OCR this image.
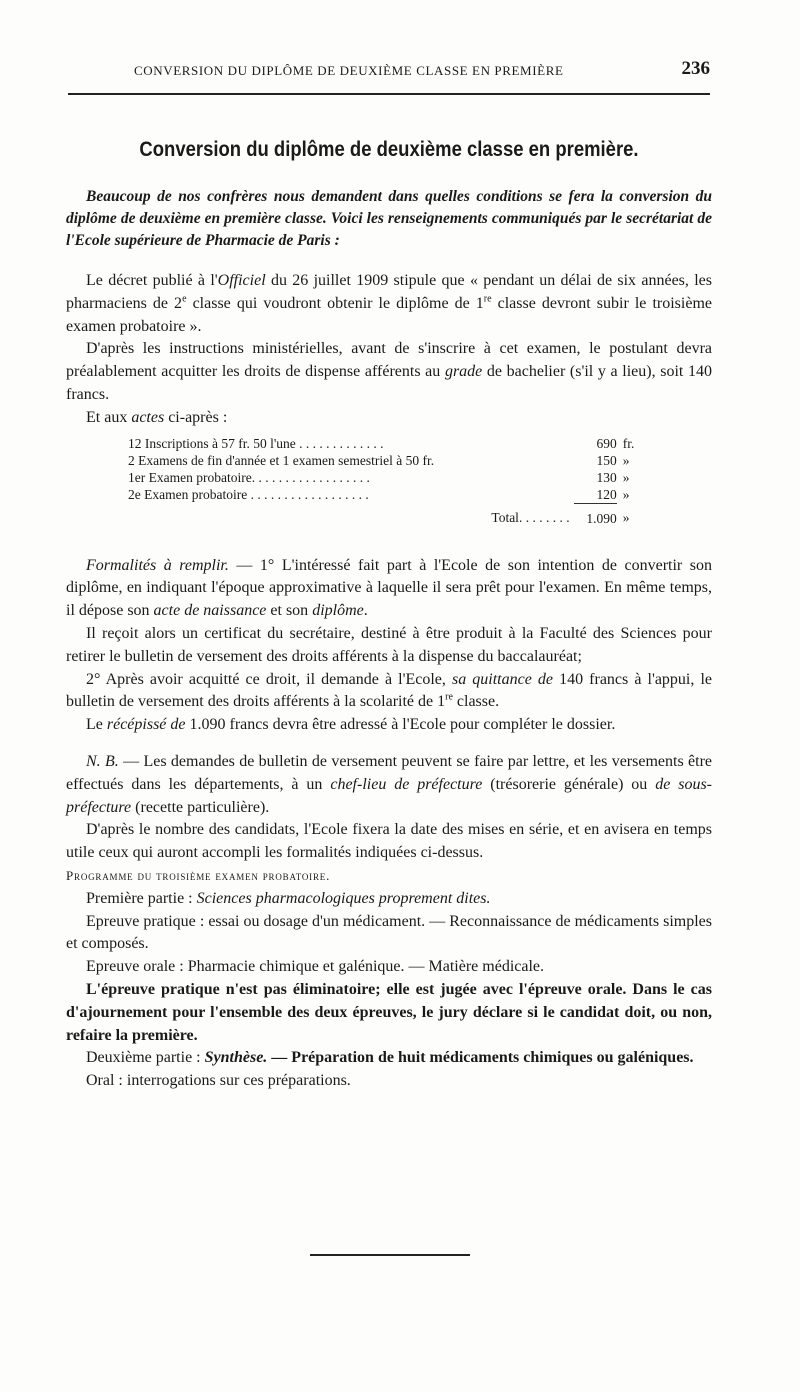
CONVERSION DU DIPLÔME DE DEUXIÈME CLASSE EN PREMIÈRE	236
Conversion du diplôme de deuxième classe en première.

Beaucoup de nos confrères nous demandent dans quelles conditions se fera la conversion du diplôme de deuxième en première classe. Voici les renseignements communiqués par le secrétariat de l'Ecole supérieure de Pharmacie de Paris :

Le décret publié à l'Officiel du 26 juillet 1909 stipule que « pendant un délai de six années, les pharmaciens de 2e classe qui voudront obtenir le diplôme de 1re classe devront subir le troisième examen probatoire ».

D'après les instructions ministérielles, avant de s'inscrire à cet examen, le postulant devra préalablement acquitter les droits de dispense afférents au grade de bachelier (s'il y a lieu), soit 140 francs.

Et aux actes ci-après :

12 Inscriptions à 57 fr. 50 l'une . . . . . . . . . . . . .	690	fr.
2 Examens de fin d'année et 1 examen semestriel à 50 fr.	150	»
1er Examen probatoire. . . . . . . . . . . . . . . . . .	130	»
2e Examen probatoire . . . . . . . . . . . . . . . . . .	120	»
Total. . . . . . . .	1.090	»

Formalités à remplir. — 1° L'intéressé fait part à l'Ecole de son intention de convertir son diplôme, en indiquant l'époque approximative à laquelle il sera prêt pour l'examen. En même temps, il dépose son acte de naissance et son diplôme.

Il reçoit alors un certificat du secrétaire, destiné à être produit à la Faculté des Sciences pour retirer le bulletin de versement des droits afférents à la dispense du baccalauréat;

2° Après avoir acquitté ce droit, il demande à l'Ecole, sa quittance de 140 francs à l'appui, le bulletin de versement des droits afférents à la scolarité de 1re classe.

Le récépissé de 1.090 francs devra être adressé à l'Ecole pour compléter le dossier.

N. B. — Les demandes de bulletin de versement peuvent se faire par lettre, et les versements être effectués dans les départements, à un chef-lieu de préfecture (trésorerie générale) ou de sous-préfecture (recette particulière).

D'après le nombre des candidats, l'Ecole fixera la date des mises en série, et en avisera en temps utile ceux qui auront accompli les formalités indiquées ci-dessus.

Programme du troisième examen probatoire.

Première partie : Sciences pharmacologiques proprement dites.

Epreuve pratique : essai ou dosage d'un médicament. — Reconnaissance de médicaments simples et composés.

Epreuve orale : Pharmacie chimique et galénique. — Matière médicale.

L'épreuve pratique n'est pas éliminatoire; elle est jugée avec l'épreuve orale. Dans le cas d'ajournement pour l'ensemble des deux épreuves, le jury déclare si le candidat doit, ou non, refaire la première.

Deuxième partie : Synthèse. — Préparation de huit médicaments chimiques ou galéniques.

Oral : interrogations sur ces préparations.
